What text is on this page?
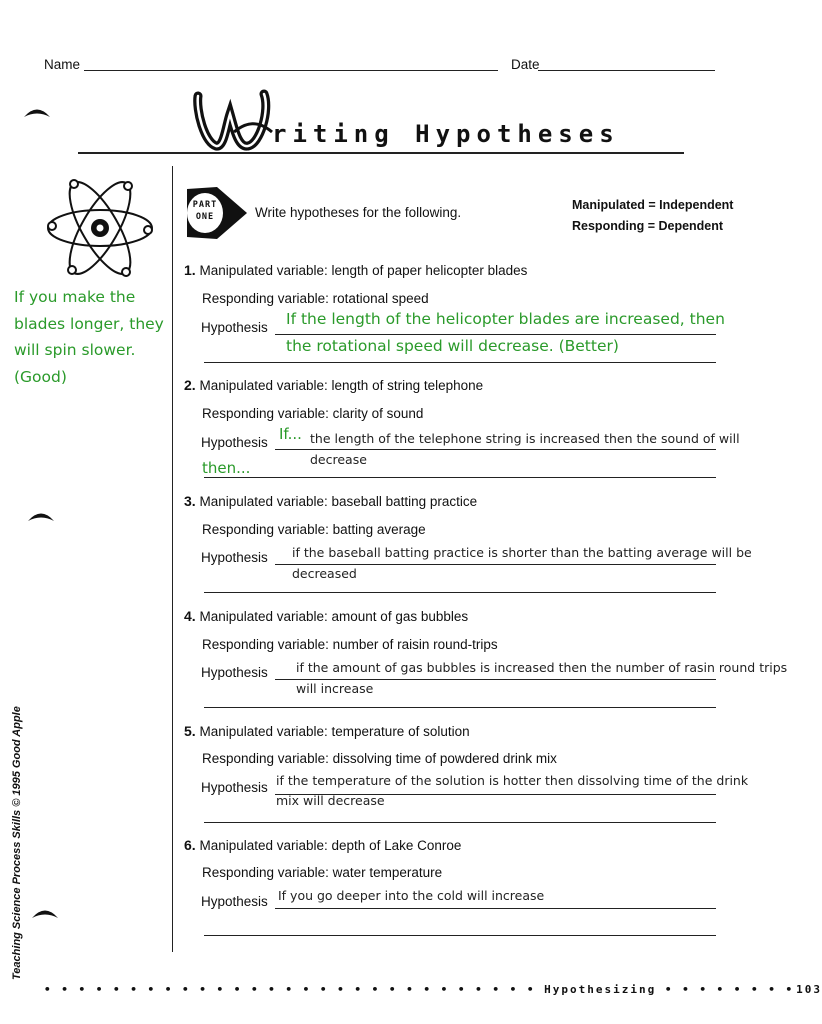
Name	Date
riting Hypotheses
If you make the
blades longer, they
will spin slower.
(Good)
PART
ONE	Write hypotheses for the following.	Manipulated = Independent
Responding = Dependent
1. Manipulated variable: length of paper helicopter blades
Responding variable: rotational speed
Hypothesis If the length of the helicopter blades are increased, then
the rotational speed will decrease. (Better)
2. Manipulated variable: length of string telephone
Responding variable: clarity of sound
Hypothesis If...
then...
the length of the telephone string is increased then the sound of will
decrease
3. Manipulated variable: baseball batting practice
Responding variable: batting average
Hypothesis if the baseball batting practice is shorter than the batting average will be
decreased
4. Manipulated variable: amount of gas bubbles
Responding variable: number of raisin round-trips
Hypothesis if the amount of gas bubbles is increased then the number of rasin round trips
will increase
5. Manipulated variable: temperature of solution
Responding variable: dissolving time of powdered drink mix
Hypothesis if the temperature of the solution is hotter then dissolving time of the drink
mix will decrease
6. Manipulated variable: depth of Lake Conroe
Responding variable: water temperature
Hypothesis If you go deeper into the cold will increase
Teaching Science Process Skills © 1995 Good Apple
• • • • • • • • • • • • • • • • • • • • • • • • • • • • • Hypothesizing • • • • • • • • 103
